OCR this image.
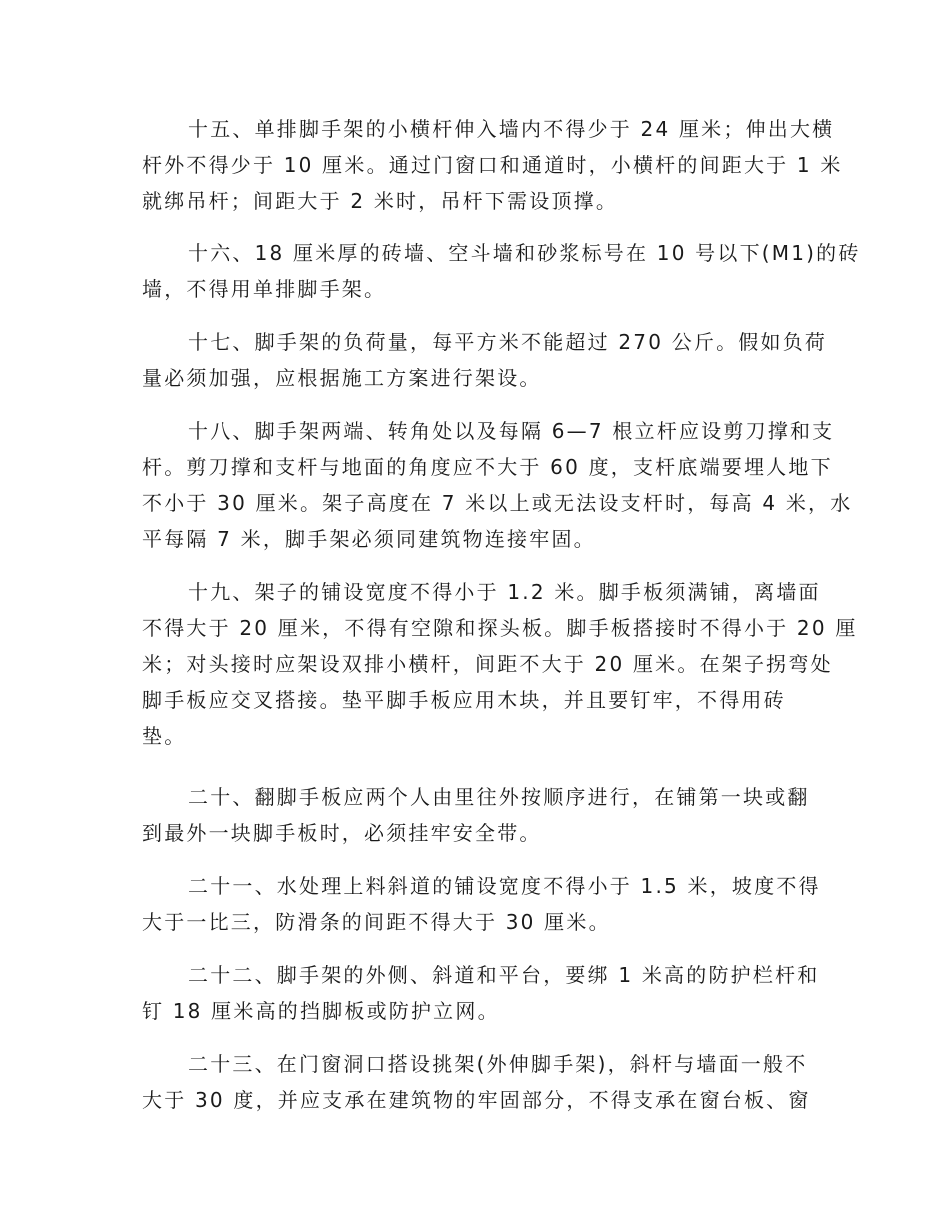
十五、单排脚手架的小横杆伸入墙内不得少于 24 厘米；伸出大横
杆外不得少于 10 厘米。通过门窗口和通道时，小横杆的间距大于 1 米
就绑吊杆；间距大于 2 米时，吊杆下需设顶撑。
十六、18 厘米厚的砖墙、空斗墙和砂浆标号在 10 号以下(M1)的砖
墙，不得用单排脚手架。
十七、脚手架的负荷量，每平方米不能超过 270 公斤。假如负荷
量必须加强，应根据施工方案进行架设。
十八、脚手架两端、转角处以及每隔 6—7 根立杆应设剪刀撑和支
杆。剪刀撑和支杆与地面的角度应不大于 60 度，支杆底端要埋人地下
不小于 30 厘米。架子高度在 7 米以上或无法设支杆时，每高 4 米，水
平每隔 7 米，脚手架必须同建筑物连接牢固。
十九、架子的铺设宽度不得小于 1.2 米。脚手板须满铺，离墙面
不得大于 20 厘米，不得有空隙和探头板。脚手板搭接时不得小于 20 厘
米；对头接时应架设双排小横杆，间距不大于 20 厘米。在架子拐弯处
脚手板应交叉搭接。垫平脚手板应用木块，并且要钉牢，不得用砖
垫。
二十、翻脚手板应两个人由里往外按顺序进行，在铺第一块或翻
到最外一块脚手板时，必须挂牢安全带。
二十一、水处理上料斜道的铺设宽度不得小于 1.5 米，坡度不得
大于一比三，防滑条的间距不得大于 30 厘米。
二十二、脚手架的外侧、斜道和平台，要绑 1 米高的防护栏杆和
钉 18 厘米高的挡脚板或防护立网。
二十三、在门窗洞口搭设挑架(外伸脚手架)，斜杆与墙面一般不
大于 30 度，并应支承在建筑物的牢固部分，不得支承在窗台板、窗
